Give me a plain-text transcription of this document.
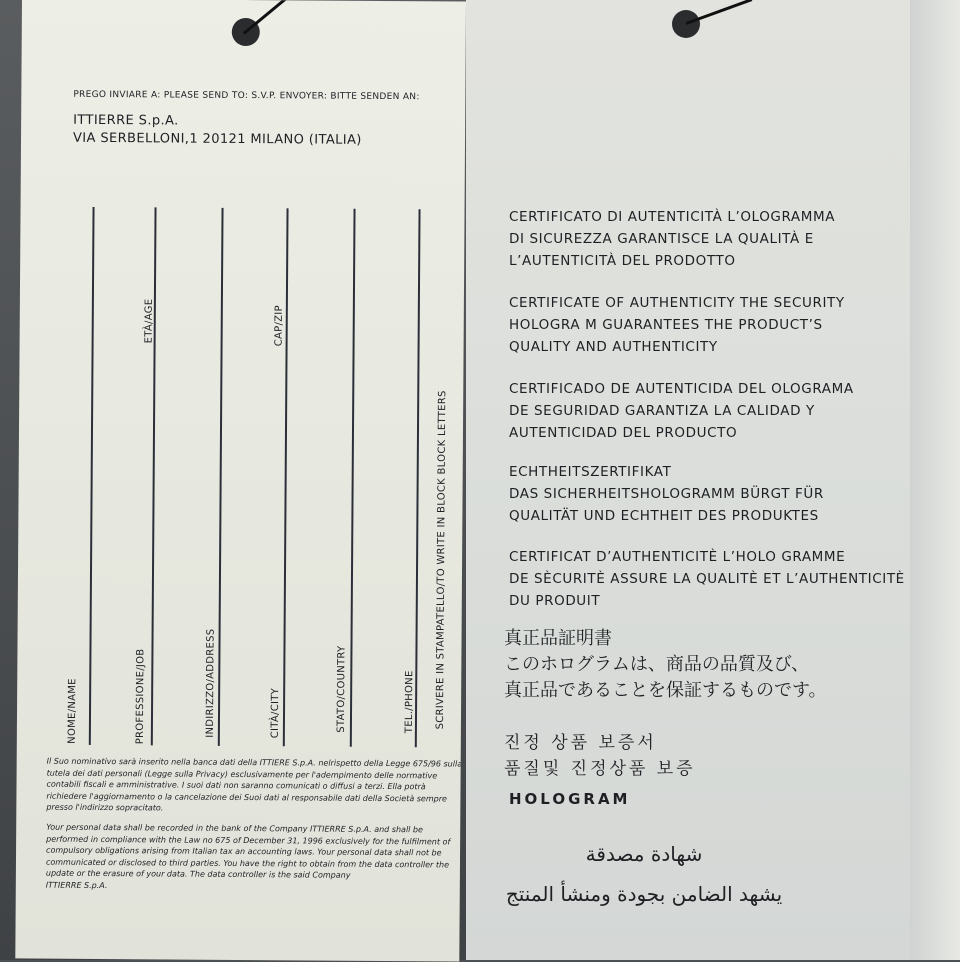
PREGO INVIARE A: PLEASE SEND TO: S.V.P. ENVOYER: BITTE SENDEN AN:
ITTIERRE S.p.A.
VIA SERBELLONI,1 20121 MILANO (ITALIA)
NOME/NAME	PROFESSIONE/JOB
ETÀ/AGE
INDIRIZZO/ADDRESS	CITÀ/CITY
CAP/ZIP
STATO/COUNTRY	TEL./PHONE SCRIVERE IN STAMPATELLO/TO WRITE IN BLOCK BLOCK LETTERS

Il Suo nominativo sarà inserito nella banca dati della ITTIERE S.p.A. nelrispetto della Legge 675/96 sulla tutela dei dati personali (Legge sulla Privacy) esclusivamente per l'adempimento delle normative contabili fiscali e amministrative. I suoi dati non saranno comunicati o diffusi a terzi. Ella potrà richiedere l'aggiornamento o la cancelazione dei Suoi dati al responsabile dati della Società sempre presso l'indirizzo sopracitato.

Your personal data shall be recorded in the bank of the Company ITTIERRE S.p.A. and shall be performed in compliance with the Law no 675 of December 31, 1996 exclusively for the fulfilment of compulsory obligations arising from Italian tax an accounting laws. Your personal data shall not be communicated or disclosed to third parties. You have the right to obtain from the data controller the update or the erasure of your data. The data controller is the said Company

ITTIERRE S.p.A.

CERTIFICATO DI AUTENTICITÀ L’OLOGRAMMA
DI SICUREZZA GARANTISCE LA QUALITÀ E
L’AUTENTICITÀ DEL PRODOTTO
CERTIFICATE OF AUTHENTICITY THE SECURITY
HOLOGRA M GUARANTEES THE PRODUCT’S
QUALITY AND AUTHENTICITY
CERTIFICADO DE AUTENTICIDA DEL OLOGRAMA
DE SEGURIDAD GARANTIZA LA CALIDAD Y
AUTENTICIDAD DEL PRODUCTO
ECHTHEITSZERTIFIKAT
DAS SICHERHEITSHOLOGRAMM BÜRGT FÜR
QUALITÄT UND ECHTHEIT DES PRODUKTES
CERTIFICAT D’AUTHENTICITÈ L’HOLO GRAMME
DE SÈCURITÈ ASSURE LA QUALITÈ ET L’AUTHENTICITÈ
DU PRODUIT
真正品証明書
このホログラムは、商品の品質及び、
真正品であることを保証するものです。
진정 상품 보증서
품질및 진정상품 보증
HOLOGRAM
شهادة مصدقة
يشهد الضامن بجودة ومنشأ المنتج
